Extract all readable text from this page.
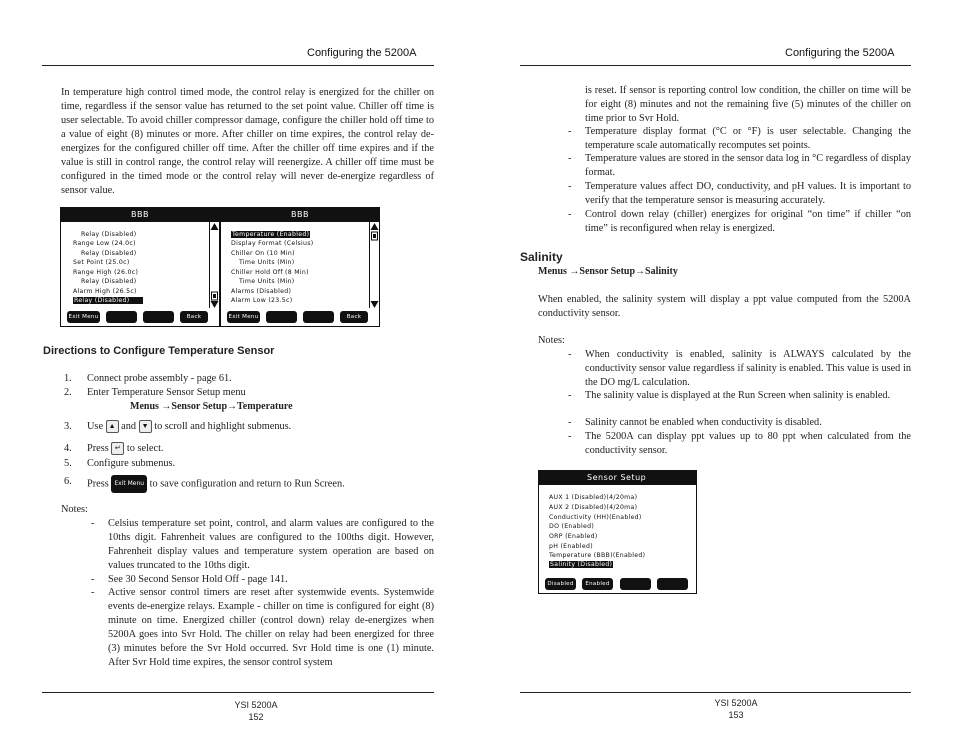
Configuring the 5200A

In temperature high control timed mode, the control relay is energized for the chiller on time, regardless if the sensor value has returned to the set point value. Chiller off time is user selectable. To avoid chiller compressor damage, configure the chiller hold off time to a value of eight (8) minutes or more. After chiller on time expires, the control relay de-energizes for the configured chiller off time. After the chiller off time expires and if the value is still in control range, the control relay will reenergize. A chiller off time must be configured in the timed mode or the control relay will never de-energize regardless of sensor value.

BBB
Relay (Disabled)
Range Low (24.0c)
Relay (Disabled)
Set Point (25.0c)
Range High (26.0c)
Relay (Disabled)
Alarm High (26.5c)
Relay (Disabled)
Exit Menu	Back
BBB
Temperature (Enabled)
Display Format (Celsius)
Chiller On (10 Min)
Time Units (Min)
Chiller Hold Off (8 Min)
Time Units (Min)
Alarms (Disabled)
Alarm Low (23.5c)
Exit Menu	Back
Directions to Configure Temperature Sensor
1. Connect probe assembly - page 61.
2. Enter Temperature Sensor Setup menu
Menus →Sensor Setup→Temperature
3. Use ▲ and ▼ to scroll and highlight submenus.
4. Press ↵ to select.
5. Configure submenus.
6. Press Exit Menu to save configuration and return to Run Screen.
Notes:
- Celsius temperature set point, control, and alarm values are configured to the 10ths digit. Fahrenheit values are configured to the 100ths digit. However, Fahrenheit display values and temperature system operation are based on values truncated to the 10ths digit.
- See 30 Second Sensor Hold Off - page 141.
- Active sensor control timers are reset after systemwide events. Systemwide events de-energize relays. Example - chiller on time is configured for eight (8) minute on time. Energized chiller (control down) relay de-energizes when 5200A goes into Svr Hold. The chiller on relay had been energized for three (3) minutes before the Svr Hold occurred. Svr Hold time is one (1) minute. After Svr Hold time expires, the sensor control system
YSI 5200A
152
Configuring the 5200A

is reset. If sensor is reporting control low condition, the chiller on time will be for eight (8) minutes and not the remaining five (5) minutes of the chiller on time prior to Svr Hold.

- Temperature display format (°C or °F) is user selectable. Changing the temperature scale automatically recomputes set points.
- Temperature values are stored in the sensor data log in °C regardless of display format.
- Temperature values affect DO, conductivity, and pH values. It is important to verify that the temperature sensor is measuring accurately.
- Control down relay (chiller) energizes for original “on time” if chiller “on time” is reconfigured when relay is energized.
Salinity
Menus →Sensor Setup→Salinity

When enabled, the salinity system will display a ppt value computed from the 5200A conductivity sensor.

Notes:
- When conductivity is enabled, salinity is ALWAYS calculated by the conductivity sensor value regardless if salinity is enabled. This value is used in the DO mg/L calculation.
- The salinity value is displayed at the Run Screen when salinity is enabled.
- Salinity cannot be enabled when conductivity is disabled.
- The 5200A can display ppt values up to 80 ppt when calculated from the conductivity sensor.
Sensor Setup
AUX 1 (Disabled)(4/20ma)
AUX 2 (Disabled)(4/20ma)
Conductivity (HH)(Enabled)
DO (Enabled)
ORP (Enabled)
pH (Enabled)
Temperature (BBB)(Enabled)
Salinity (Disabled)
Disabled	Enabled
YSI 5200A
153
